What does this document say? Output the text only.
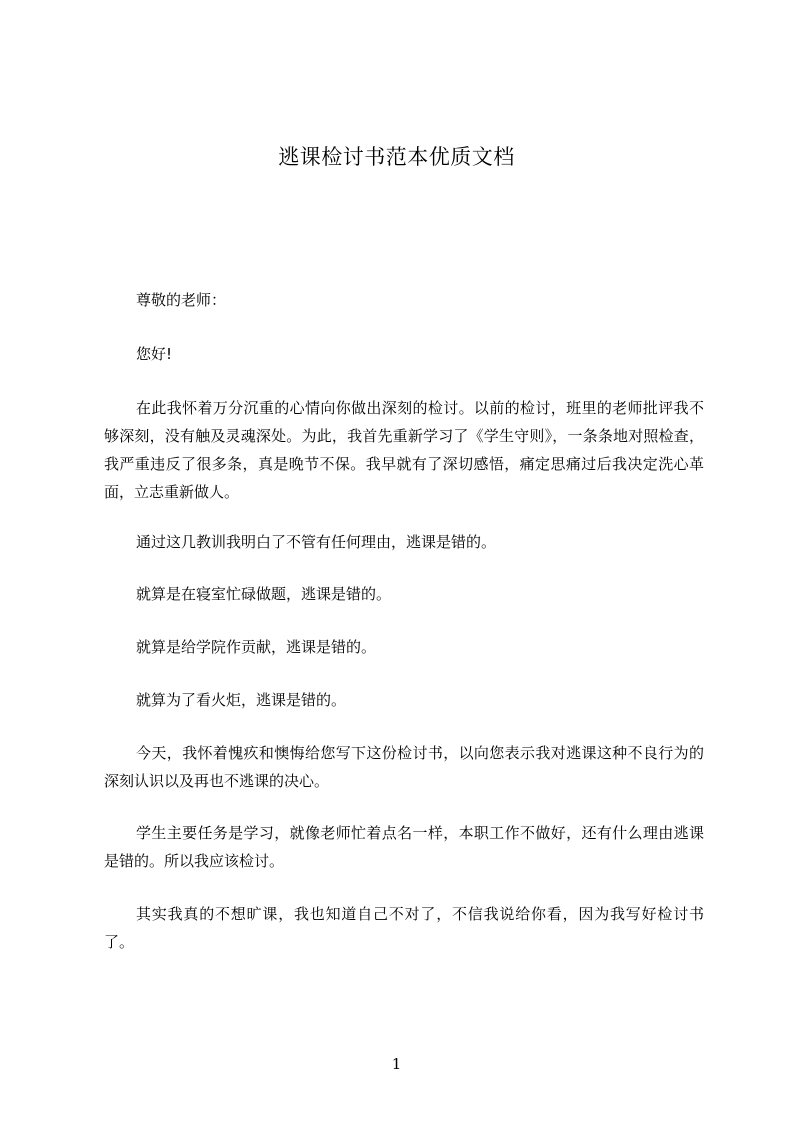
逃课检讨书范本优质文档

尊敬的老师：

您好!

在此我怀着万分沉重的心情向你做出深刻的检讨。以前的检讨，班里的老师批评我不够深刻，没有触及灵魂深处。为此，我首先重新学习了《学生守则》，一条条地对照检查，我严重违反了很多条，真是晚节不保。我早就有了深切感悟，痛定思痛过后我决定洗心革面，立志重新做人。

通过这几教训我明白了不管有任何理由，逃课是错的。

就算是在寝室忙碌做题，逃课是错的。

就算是给学院作贡献，逃课是错的。

就算为了看火炬，逃课是错的。

今天，我怀着愧疚和懊悔给您写下这份检讨书，以向您表示我对逃课这种不良行为的深刻认识以及再也不逃课的决心。

学生主要任务是学习，就像老师忙着点名一样，本职工作不做好，还有什么理由逃课是错的。所以我应该检讨。

其实我真的不想旷课，我也知道自己不对了，不信我说给你看，因为我写好检讨书了。

1
